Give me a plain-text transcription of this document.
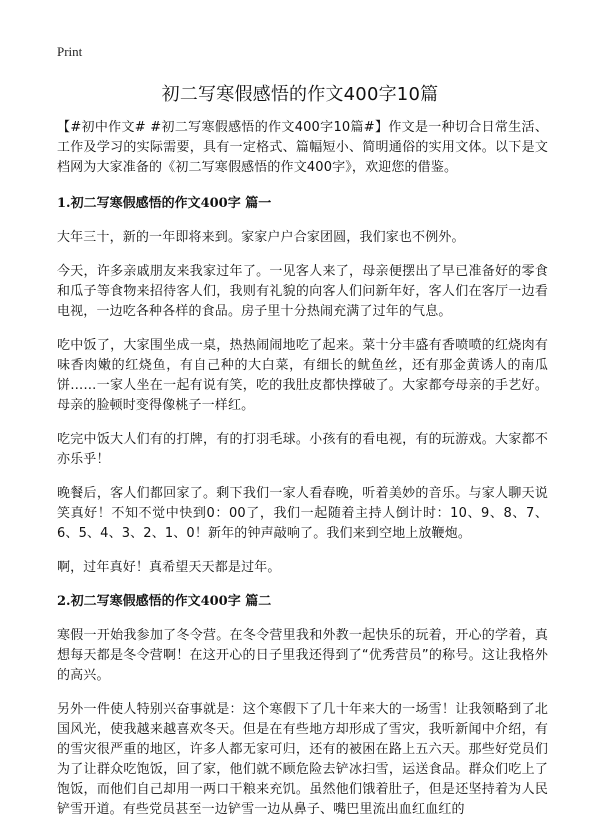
Print
初二写寒假感悟的作文400字10篇

【#初中作文# #初二写寒假感悟的作文400字10篇#】作文是一种切合日常生活、工作及学习的实际需要，具有一定格式、篇幅短小、简明通俗的实用文体。以下是文档网为大家准备的《初二写寒假感悟的作文400字》，欢迎您的借鉴。

1.初二写寒假感悟的作文400字 篇一

大年三十，新的一年即将来到。家家户户合家团圆，我们家也不例外。

今天，许多亲戚朋友来我家过年了。一见客人来了，母亲便摆出了早已准备好的零食和瓜子等食物来招待客人们，我则有礼貌的向客人们问新年好，客人们在客厅一边看电视，一边吃各种各样的食品。房子里十分热闹充满了过年的气息。

吃中饭了，大家围坐成一桌，热热闹闹地吃了起来。菜十分丰盛有香喷喷的红烧肉有味香肉嫩的红烧鱼，有自己种的大白菜，有细长的鱿鱼丝，还有那金黄诱人的南瓜饼……一家人坐在一起有说有笑，吃的我肚皮都快撑破了。大家都夸母亲的手艺好。母亲的脸顿时变得像桃子一样红。

吃完中饭大人们有的打牌，有的打羽毛球。小孩有的看电视，有的玩游戏。大家都不亦乐乎！

晚餐后，客人们都回家了。剩下我们一家人看春晚，听着美妙的音乐。与家人聊天说笑真好！不知不觉中快到0：00了，我们一起随着主持人倒计时：10、9、8、7、6、5、4、3、2、1、0！新年的钟声敲响了。我们来到空地上放鞭炮。

啊，过年真好！真希望天天都是过年。

2.初二写寒假感悟的作文400字 篇二

寒假一开始我参加了冬令营。在冬令营里我和外教一起快乐的玩着，开心的学着，真想每天都是冬令营啊！在这开心的日子里我还得到了“优秀营员”的称号。这让我格外的高兴。

另外一件使人特别兴奋事就是：这个寒假下了几十年来大的一场雪！让我领略到了北国风光，使我越来越喜欢冬天。但是在有些地方却形成了雪灾，我听新闻中介绍，有的雪灾很严重的地区，许多人都无家可归，还有的被困在路上五六天。那些好党员们为了让群众吃饱饭，回了家，他们就不顾危险去铲冰扫雪，运送食品。群众们吃上了饱饭，而他们自己却用一两口干粮来充饥。虽然他们饿着肚子，但是还坚持着为人民铲雪开道。有些党员甚至一边铲雪一边从鼻子、嘴巴里流出血红血红的
